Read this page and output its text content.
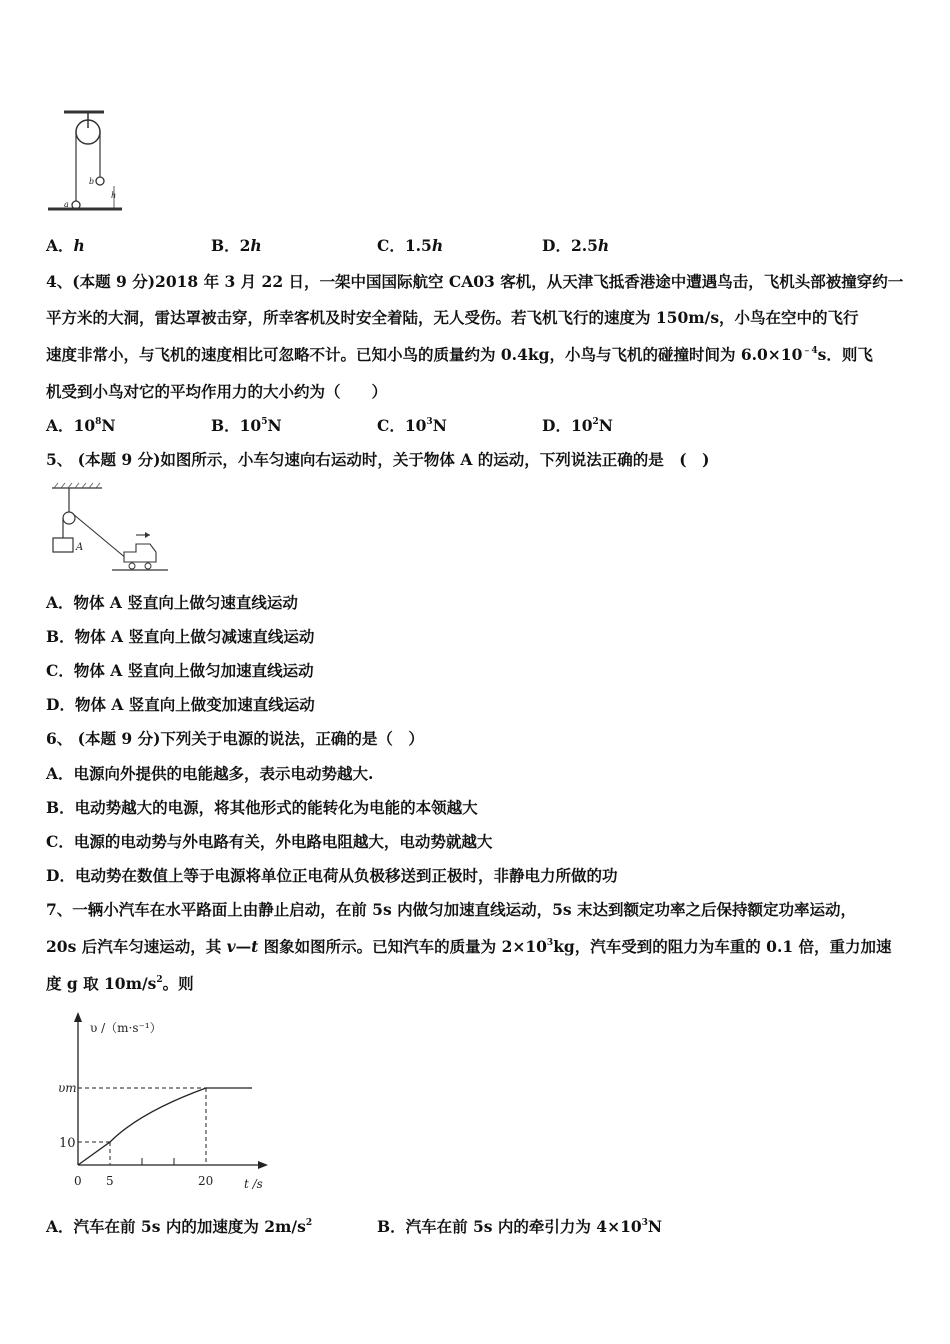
b
a
h
A．h	B．2h	C．1.5h	D．2.5h
4、(本题 9 分)2018 年 3 月 22 日，一架中国国际航空 CA03 客机，从天津飞抵香港途中遭遇鸟击，飞机头部被撞穿约一
平方米的大洞，雷达罩被击穿，所幸客机及时安全着陆，无人受伤。若飞机飞行的速度为 150m/s，小鸟在空中的飞行
速度非常小，与飞机的速度相比可忽略不计。已知小鸟的质量约为 0.4kg，小鸟与飞机的碰撞时间为 $6.0\times 10^{﹣4}s$．则飞
机受到小鸟对它的平均作用力的大小约为（　　）
A．$10^8N$	B．$10^5N$	C．$10^3N$	D．$10^2N$
5、 (本题 9 分)如图所示，小车匀速向右运动时，关于物体 A 的运动，下列说法正确的是　(　)
A
A．物体 A 竖直向上做匀速直线运动
B．物体 A 竖直向上做匀减速直线运动
C．物体 A 竖直向上做匀加速直线运动
D．物体 A 竖直向上做变加速直线运动
6、 (本题 9 分)下列关于电源的说法，正确的是（　）
A．电源向外提供的电能越多，表示电动势越大.
B．电动势越大的电源，将其他形式的能转化为电能的本领越大
C．电源的电动势与外电路有关，外电路电阻越大，电动势就越大
D．电动势在数值上等于电源将单位正电荷从负极移送到正极时，非静电力所做的功
7、一辆小汽车在水平路面上由静止启动，在前 5s 内做匀加速直线运动，5s 末达到额定功率之后保持额定功率运动，
20s 后汽车匀速运动，其 v—t 图象如图所示。已知汽车的质量为 $2\times 10^3kg$，汽车受到的阻力为车重的 0.1 倍，重力加速
度 g 取 $10m/s^2$。则
υ /（m·s⁻¹）
υm
10
0 5	20	t /s
A．汽车在前 5s 内的加速度为 $2m/s^2$	B．汽车在前 5s 内的牵引力为 $4\times 10^3N$
